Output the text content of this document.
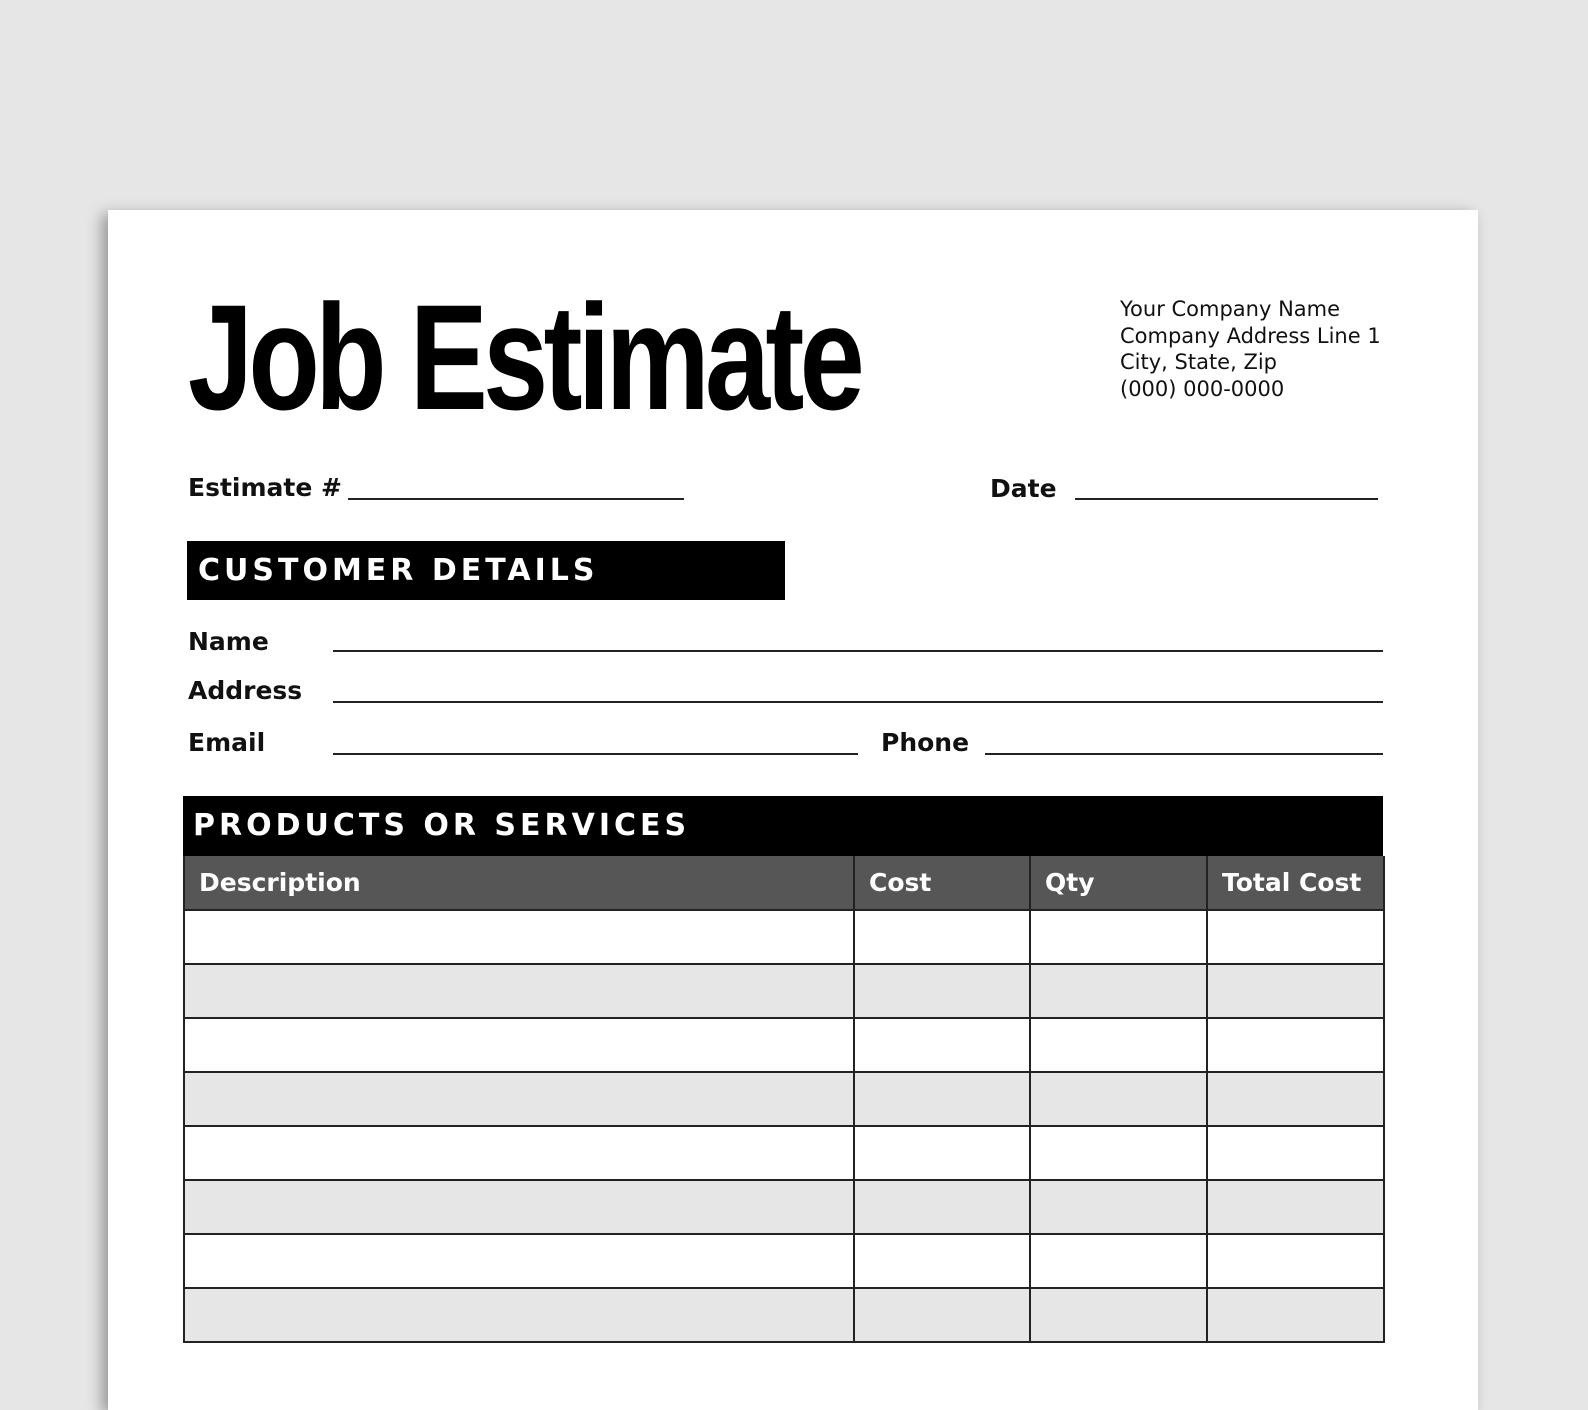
Job Estimate	Your Company Name
Company Address Line 1
City, State, Zip
(000) 000-0000
Estimate #	Date
CUSTOMER DETAILS
Name
Address
Email	Phone
PRODUCTS OR SERVICES
Description	Cost	Qty	Total Cost
